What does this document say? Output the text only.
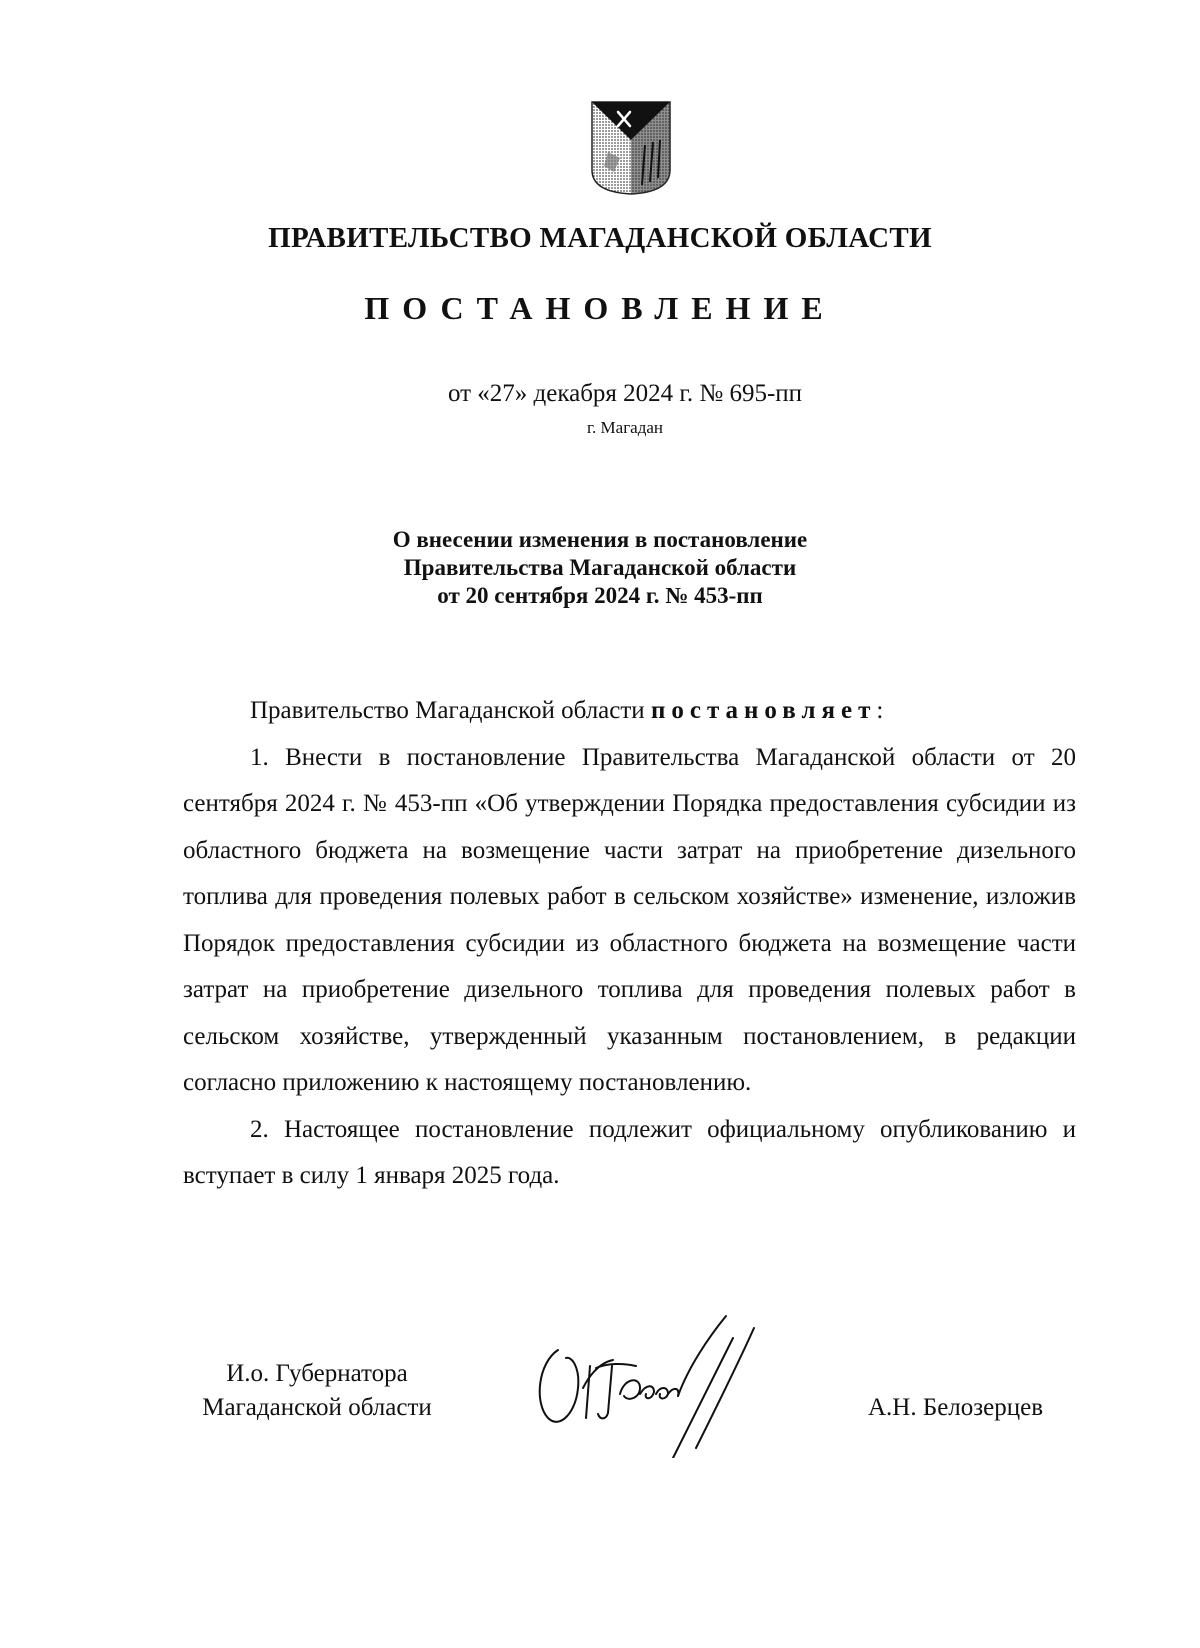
ПРАВИТЕЛЬСТВО МАГАДАНСКОЙ ОБЛАСТИ
ПОСТАНОВЛЕНИЕ
от «27» декабря 2024 г. № 695-пп
г. Магадан
О внесении изменения в постановление
Правительства Магаданской области
от 20 сентября 2024 г. № 453-пп

Правительство Магаданской области постановляет:

1. Внести в постановление Правительства Магаданской области от 20 сентября 2024 г. № 453-пп «Об утверждении Порядка предоставления субсидии из областного бюджета на возмещение части затрат на приобретение дизельного топлива для проведения полевых работ в сельском хозяйстве» изменение, изложив Порядок предоставления субсидии из областного бюджета на возмещение части затрат на приобретение дизельного топлива для проведения полевых работ в сельском хозяйстве, утвержденный указанным постановлением, в редакции согласно приложению к настоящему постановлению.

2. Настоящее постановление подлежит официальному опубликованию и вступает в силу 1 января 2025 года.

И.о. Губернатора
Магаданской области	А.Н. Белозерцев
